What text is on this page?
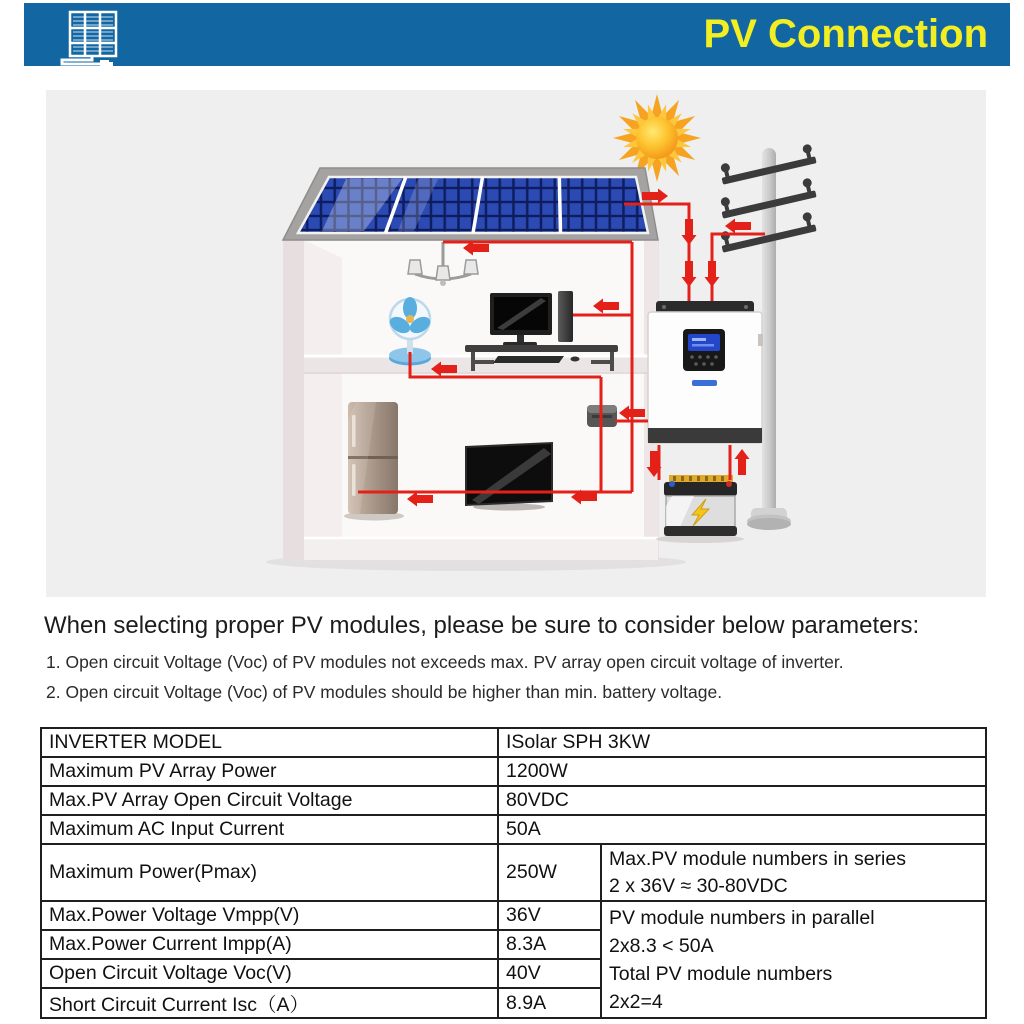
PV Connection
When selecting proper PV modules, please be sure to consider below parameters:
1. Open circuit Voltage (Voc) of PV modules not exceeds max. PV array open circuit voltage of inverter.
2. Open circuit Voltage (Voc) of PV modules should be higher than min. battery voltage.
INVERTER MODEL	ISolar SPH 3KW	
Maximum PV Array Power	1200W	
Max.PV Array Open Circuit Voltage	80VDC	
Maximum AC Input Current	50A	
Maximum Power(Pmax)	250W	Max.PV module numbers in series
2 x 36V ≈ 30-80VDC

Max.Power Voltage Vmpp(V)	36V	PV module numbers in parallel
2x8.3 < 50A
Total PV module numbers
2x2=4

Max.Power Current Impp(A)	8.3A	
Open Circuit Voltage Voc(V)	40V	
Short Circuit Current Isc（A）	8.9A	
